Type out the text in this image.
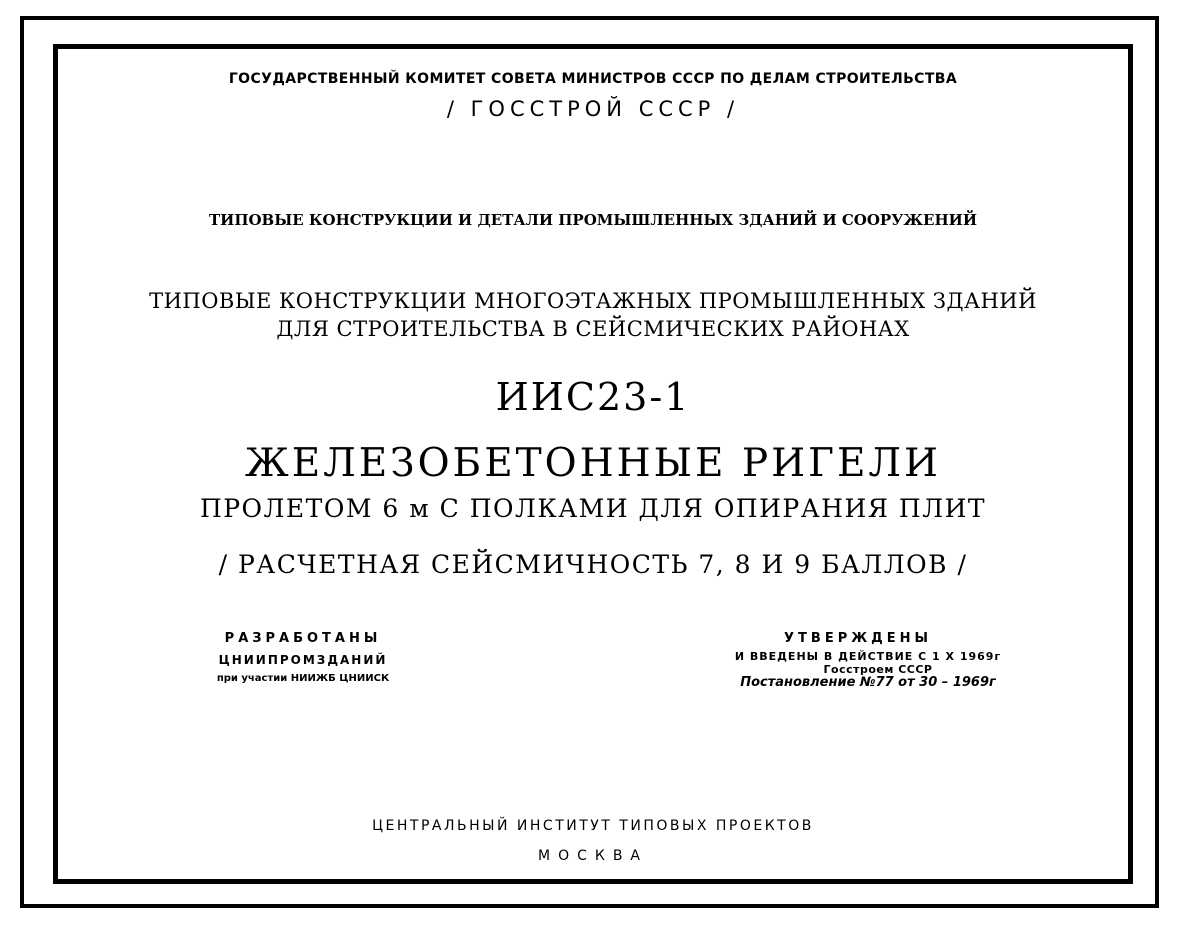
ГОСУДАРСТВЕННЫЙ КОМИТЕТ СОВЕТА МИНИСТРОВ СССР ПО ДЕЛАМ СТРОИТЕЛЬСТВА
/ ГОССТРОЙ СССР /
ТИПОВЫЕ КОНСТРУКЦИИ И ДЕТАЛИ ПРОМЫШЛЕННЫХ ЗДАНИЙ И СООРУЖЕНИЙ
ТИПОВЫЕ КОНСТРУКЦИИ МНОГОЭТАЖНЫХ ПРОМЫШЛЕННЫХ ЗДАНИЙ
ДЛЯ СТРОИТЕЛЬСТВА В СЕЙСМИЧЕСКИХ РАЙОНАХ
ИИС23-1
ЖЕЛЕЗОБЕТОННЫЕ РИГЕЛИ
ПРОЛЕТОМ 6 м С ПОЛКАМИ ДЛЯ ОПИРАНИЯ ПЛИТ
/ РАСЧЕТНАЯ СЕЙСМИЧНОСТЬ 7, 8 И 9 БАЛЛОВ /
РАЗРАБОТАНЫ
ЦНИИПРОМЗДАНИЙ
при участии НИИЖБ ЦНИИСК
УТВЕРЖДЕНЫ
И ВВЕДЕНЫ В ДЕЙСТВИЕ С 1 X 1969г
Госстроем СССР
Постановление №77 от 30 – 1969г
ЦЕНТРАЛЬНЫЙ ИНСТИТУТ ТИПОВЫХ ПРОЕКТОВ
МОСКВА
